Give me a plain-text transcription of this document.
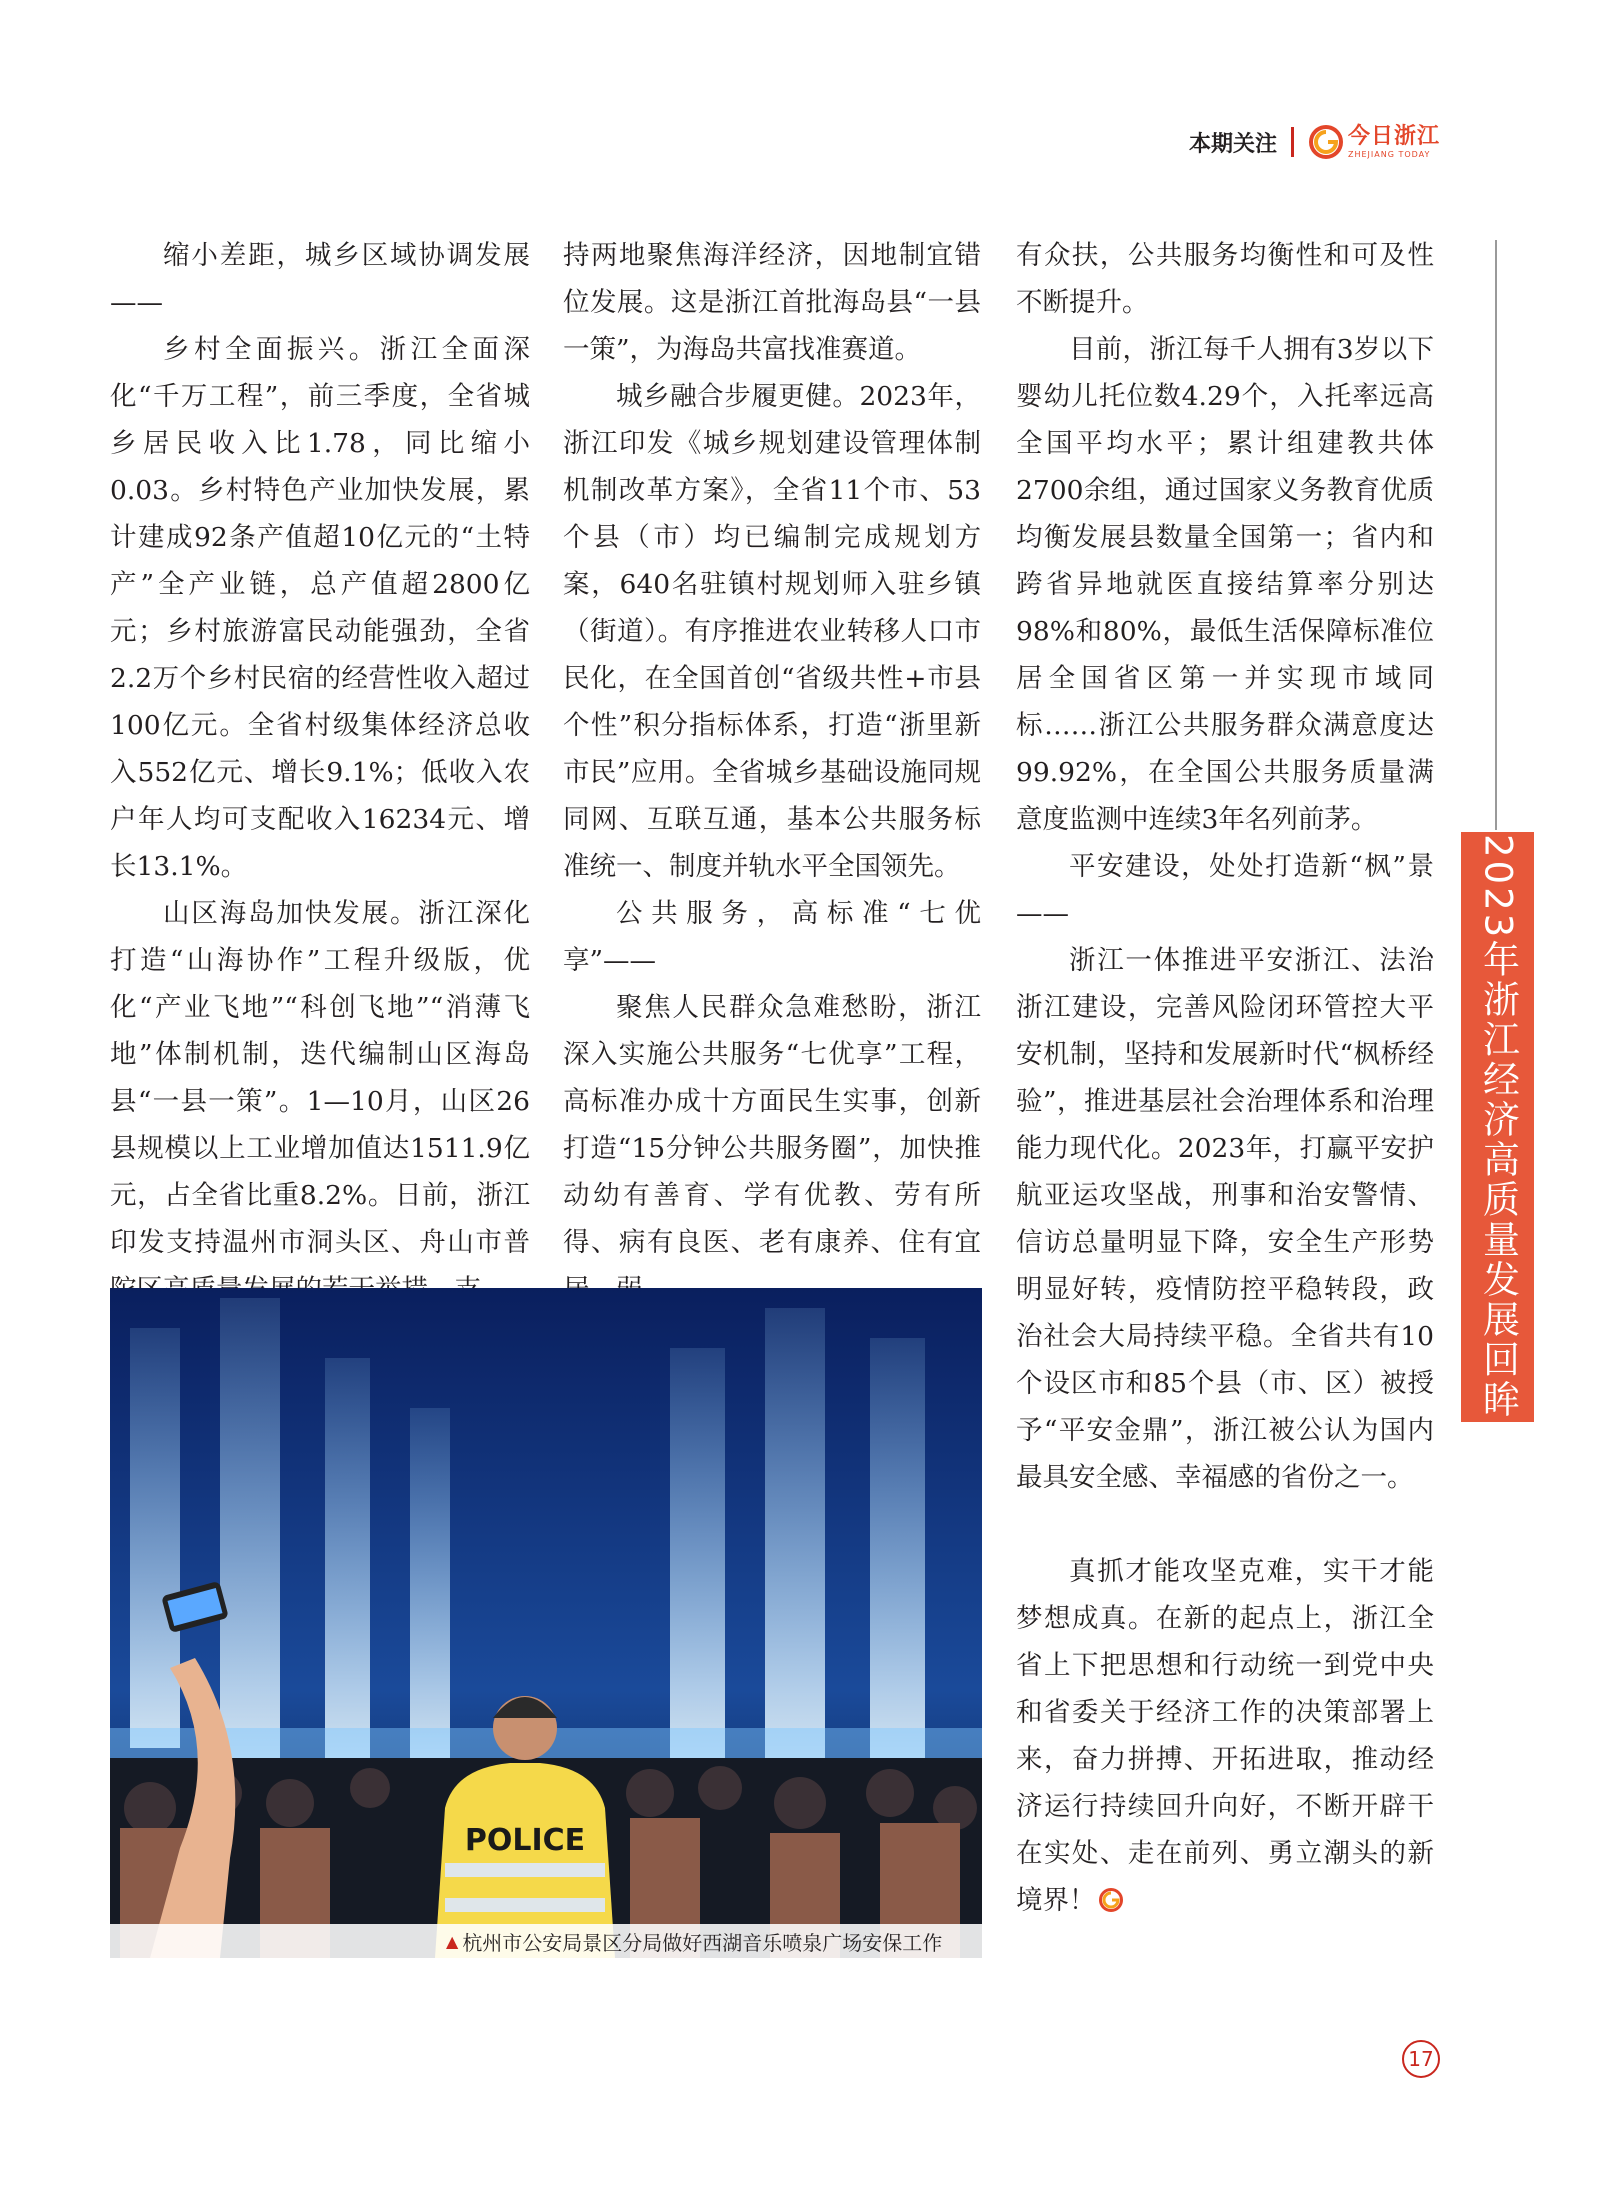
本期关注	今日浙江
ZHEJIANG TODAY

缩小差距，城乡区域协调发展——

乡村全面振兴。浙江全面深化“千万工程”，前三季度，全省城乡居民收入比1.78，同比缩小0.03。乡村特色产业加快发展，累计建成92条产值超10亿元的“土特产”全产业链，总产值超2800亿元；乡村旅游富民动能强劲，全省2.2万个乡村民宿的经营性收入超过100亿元。全省村级集体经济总收入552亿元、增长9.1%；低收入农户年人均可支配收入16234元、增长13.1%。

山区海岛加快发展。浙江深化打造“山海协作”工程升级版，优化“产业飞地”“科创飞地”“消薄飞地”体制机制，迭代编制山区海岛县“一县一策”。1—10月，山区26县规模以上工业增加值达1511.9亿元，占全省比重8.2%。日前，浙江印发支持温州市洞头区、舟山市普

持两地聚焦海洋经济，因地制宜错位发展。这是浙江首批海岛县“一县一策”，为海岛共富找准赛道。

城乡融合步履更健。2023年，浙江印发《城乡规划建设管理体制机制改革方案》，全省11个市、53个县（市）均已编制完成规划方案，640名驻镇村规划师入驻乡镇（街道）。有序推进农业转移人口市民化，在全国首创“省级共性+市县个性”积分指标体系，打造“浙里新市民”应用。全省城乡基础设施同规同网、互联互通，基本公共服务标准统一、制度并轨水平全国领先。

公共服务，高标准“七优享”——

聚焦人民群众急难愁盼，浙江深入实施公共服务“七优享”工程，高标准办成十方面民生实事，创新打造“15分钟公共服务圈”，加快推动幼有善育、学有优教、劳有所得、病有良医、老有康养、住有宜

有众扶，公共服务均衡性和可及性不断提升。

目前，浙江每千人拥有3岁以下婴幼儿托位数4.29个，入托率远高全国平均水平；累计组建教共体2700余组，通过国家义务教育优质均衡发展县数量全国第一；省内和跨省异地就医直接结算率分别达98%和80%，最低生活保障标准位居全国省区第一并实现市域同标……浙江公共服务群众满意度达99.92%，在全国公共服务质量满意度监测中连续3年名列前茅。

平安建设，处处打造新“枫”景——

浙江一体推进平安浙江、法治浙江建设，完善风险闭环管控大平安机制，坚持和发展新时代“枫桥经验”，推进基层社会治理体系和治理能力现代化。2023年，打赢平安护航亚运攻坚战，刑事和治安警情、信访总量明显下降，安全生产形势明显好转，疫情防控平稳转段，政治社会大局持续平稳。全省共有10个设区市和85个县（市、区）被授予“平安金鼎”，浙江被公认为国内最具安全感、幸福感的省份之一。

真抓才能攻坚克难，实干才能梦想成真。在新的起点上，浙江全省上下把思想和行动统一到党中央和省委关于经济工作的决策部署上来，奋力拼搏、开拓进取，推动经济运行持续回升向好，不断开辟干在实处、走在前列、勇立潮头的新境界！

2023年浙江经济高质量发展回眸
POLICE
▲ 杭州市公安局景区分局做好西湖音乐喷泉广场安保工作
17
